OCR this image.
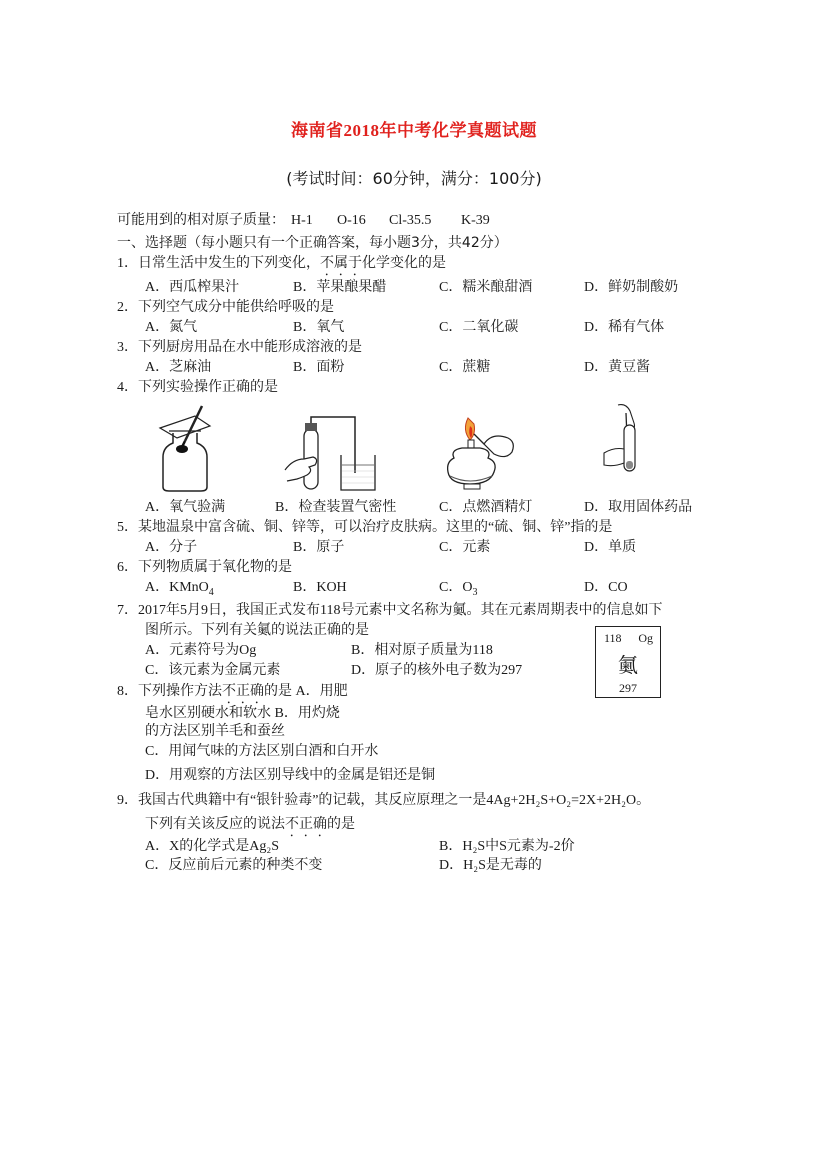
海南省2018年中考化学真题试题
(考试时间：60分钟，满分：100分)
可能用到的相对原子质量： H-1 O-16 Cl-35.5 K-39
一、选择题（每小题只有一个正确答案，每小题3分，共42分）
1．日常生活中发生的下列变化，不属于化学变化的是
A．西瓜榨果汁	B．苹果酿果醋	C．糯米酿甜酒	D．鲜奶制酸奶
2．下列空气成分中能供给呼吸的是
A．氮气	B．氧气	C．二氧化碳	D．稀有气体
3．下列厨房用品在水中能形成溶液的是
A．芝麻油	B．面粉	C．蔗糖	D．黄豆酱
4．下列实验操作正确的是
A．氧气验满	B．检查装置气密性	C．点燃酒精灯	D．取用固体药品
5．某地温泉中富含硫、铜、锌等，可以治疗皮肤病。这里的“硫、铜、锌”指的是
A．分子	B．原子	C．元素	D．单质
6．下列物质属于氧化物的是
A．KMnO$_4$	B．KOH	C．$O_3$	D．CO
7．2017年5月9日，我国正式发布118号元素中文名称为鿫。其在元素周期表中的信息如下
图所示。下列有关鿫的说法正确的是
A．元素符号为Og	B．相对原子质量为118
C．该元素为金属元素	D．原子的核外电子数为297
118 Og
鿫
297
8．下列操作方法不正确的是 A．用肥
皂水区别硬水和软水 B．用灼烧
的方法区别羊毛和蚕丝
C．用闻气味的方法区别白酒和白开水
D．用观察的方法区别导线中的金属是铝还是铜
9．我国古代典籍中有“银针验毒”的记载，其反应原理之一是4Ag+2H₂S+O₂=2X+2H₂O。
下列有关该反应的说法不正确的是
A．X的化学式是Ag₂S	B．H₂S中S元素为-2价
C．反应前后元素的种类不变	D．H₂S是无毒的
